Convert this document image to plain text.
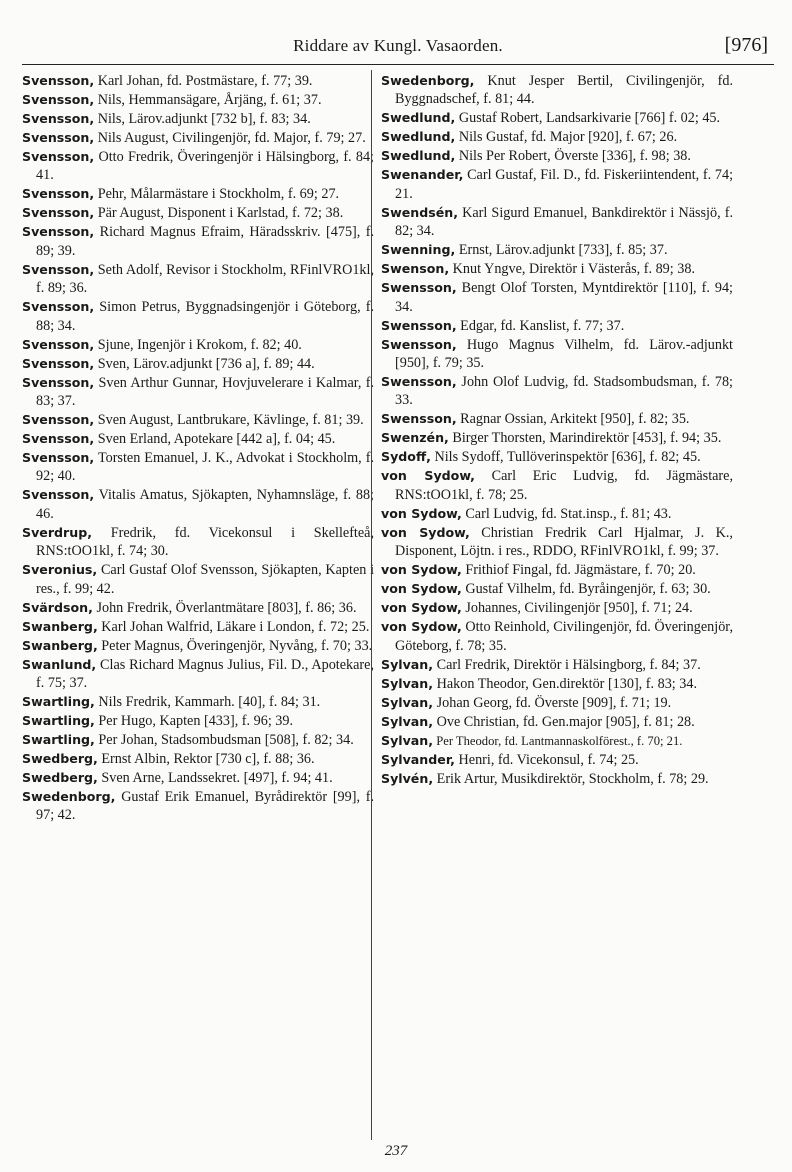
Riddare av Kungl. Vasaorden.	[976]

Svensson, Karl Johan, fd. Postmästare, f. 77; 39.

Svensson, Nils, Hemmansägare, Årjäng, f. 61; 37.

Svensson, Nils, Lärov.adjunkt [732 b], f. 83; 34.

Svensson, Nils August, Civilingenjör, fd. Major, f. 79; 27.

Svensson, Otto Fredrik, Överingenjör i Hälsingborg, f. 84; 41.

Svensson, Pehr, Målarmästare i Stockholm, f. 69; 27.

Svensson, Pär August, Disponent i Karlstad, f. 72; 38.

Svensson, Richard Magnus Efraim, Häradsskriv. [475], f. 89; 39.

Svensson, Seth Adolf, Revisor i Stockholm, RFinlVRO1kl, f. 89; 36.

Svensson, Simon Petrus, Byggnadsingenjör i Göteborg, f. 88; 34.

Svensson, Sjune, Ingenjör i Krokom, f. 82; 40.

Svensson, Sven, Lärov.adjunkt [736 a], f. 89; 44.

Svensson, Sven Arthur Gunnar, Hovjuvelerare i Kalmar, f. 83; 37.

Svensson, Sven August, Lantbrukare, Kävlinge, f. 81; 39.

Svensson, Sven Erland, Apotekare [442 a], f. 04; 45.

Svensson, Torsten Emanuel, J. K., Advokat i Stockholm, f. 92; 40.

Svensson, Vitalis Amatus, Sjökapten, Nyhamnsläge, f. 88; 46.

Sverdrup, Fredrik, fd. Vicekonsul i Skellefteå, RNS:tOO1kl, f. 74; 30.

Sveronius, Carl Gustaf Olof Svensson, Sjökapten, Kapten i res., f. 99; 42.

Svärdson, John Fredrik, Överlantmätare [803], f. 86; 36.

Swanberg, Karl Johan Walfrid, Läkare i London, f. 72; 25.

Swanberg, Peter Magnus, Överingenjör, Nyvång, f. 70; 33.

Swanlund, Clas Richard Magnus Julius, Fil. D., Apotekare, f. 75; 37.

Swartling, Nils Fredrik, Kammarh. [40], f. 84; 31.

Swartling, Per Hugo, Kapten [433], f. 96; 39.

Swartling, Per Johan, Stadsombudsman [508], f. 82; 34.

Swedberg, Ernst Albin, Rektor [730 c], f. 88; 36.

Swedberg, Sven Arne, Landssekret. [497], f. 94; 41.

Swedenborg, Gustaf Erik Emanuel, Byrådirektör [99], f. 97; 42.

Swedenborg, Knut Jesper Bertil, Civilingenjör, fd. Byggnadschef, f. 81; 44.

Swedlund, Gustaf Robert, Landsarkivarie [766] f. 02; 45.

Swedlund, Nils Gustaf, fd. Major [920], f. 67; 26.

Swedlund, Nils Per Robert, Överste [336], f. 98; 38.

Swenander, Carl Gustaf, Fil. D., fd. Fiskeriintendent, f. 74; 21.

Swendsén, Karl Sigurd Emanuel, Bankdirektör i Nässjö, f. 82; 34.

Swenning, Ernst, Lärov.adjunkt [733], f. 85; 37.

Swenson, Knut Yngve, Direktör i Västerås, f. 89; 38.

Swensson, Bengt Olof Torsten, Myntdirektör [110], f. 94; 34.

Swensson, Edgar, fd. Kanslist, f. 77; 37.

Swensson, Hugo Magnus Vilhelm, fd. Lärov.-adjunkt [950], f. 79; 35.

Swensson, John Olof Ludvig, fd. Stadsombudsman, f. 78; 33.

Swensson, Ragnar Ossian, Arkitekt [950], f. 82; 35.

Swenzén, Birger Thorsten, Marindirektör [453], f. 94; 35.

Sydoff, Nils Sydoff, Tullöverinspektör [636], f. 82; 45.

von Sydow, Carl Eric Ludvig, fd. Jägmästare, RNS:tOO1kl, f. 78; 25.

von Sydow, Carl Ludvig, fd. Stat.insp., f. 81; 43.

von Sydow, Christian Fredrik Carl Hjalmar, J. K., Disponent, Löjtn. i res., RDDO, RFinlVRO1kl, f. 99; 37.

von Sydow, Frithiof Fingal, fd. Jägmästare, f. 70; 20.

von Sydow, Gustaf Vilhelm, fd. Byråingenjör, f. 63; 30.

von Sydow, Johannes, Civilingenjör [950], f. 71; 24.

von Sydow, Otto Reinhold, Civilingenjör, fd. Överingenjör, Göteborg, f. 78; 35.

Sylvan, Carl Fredrik, Direktör i Hälsingborg, f. 84; 37.

Sylvan, Hakon Theodor, Gen.direktör [130], f. 83; 34.

Sylvan, Johan Georg, fd. Överste [909], f. 71; 19.

Sylvan, Ove Christian, fd. Gen.major [905], f. 81; 28.

Sylvan, Per Theodor, fd. Lantmannaskolförest., f. 70; 21.

Sylvander, Henri, fd. Vicekonsul, f. 74; 25.

Sylvén, Erik Artur, Musikdirektör, Stockholm, f. 78; 29.

237
